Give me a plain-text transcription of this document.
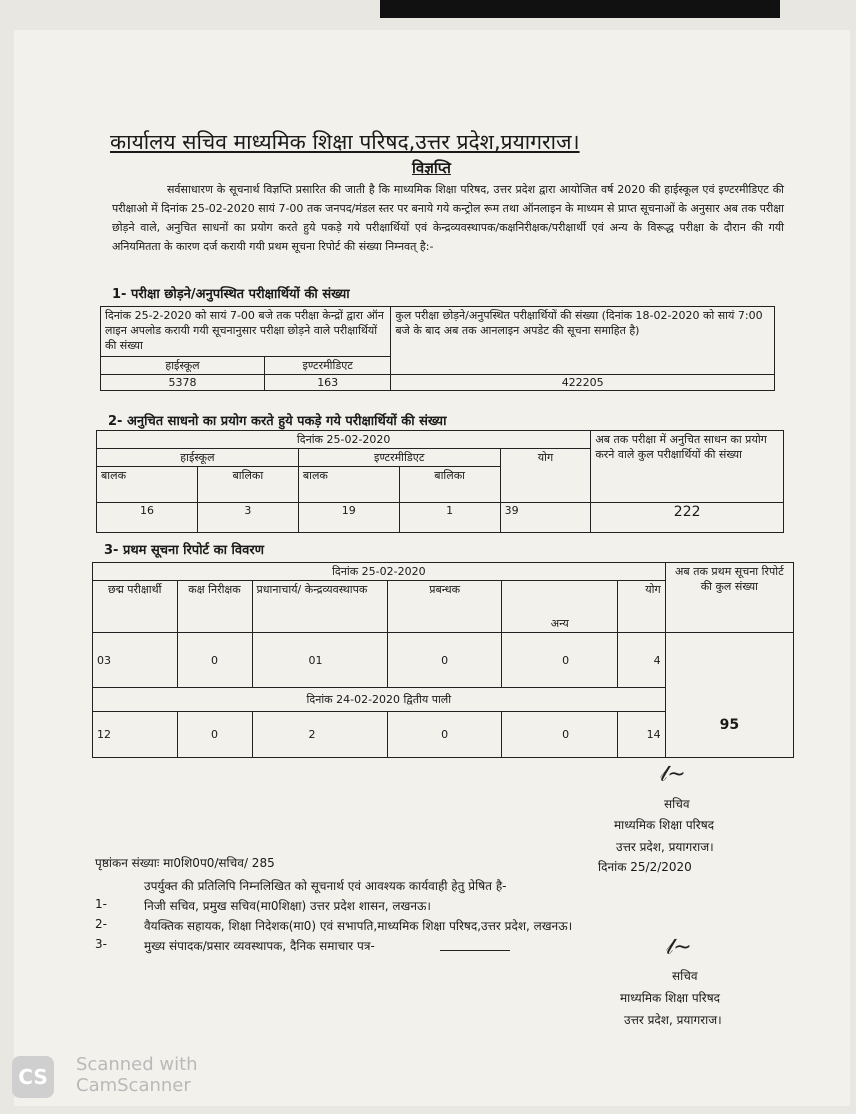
कार्यालय सचिव माध्यमिक शिक्षा परिषद,उत्तर प्रदेश,प्रयागराज।
विज्ञप्ति
सर्वसाधारण के सूचनार्थ विज्ञप्ति प्रसारित की जाती है कि माध्यमिक शिक्षा परिषद, उत्तर प्रदेश द्वारा आयोजित वर्ष 2020 की हाईस्कूल एवं इण्टरमीडिएट की परीक्षाओ में दिनांक 25-02-2020 सायं 7-00 तक जनपद/मंडल स्तर पर बनाये गये कन्ट्रोल रूम तथा ऑनलाइन के माध्यम से प्राप्त सूचनाओं के अनुसार अब तक परीक्षा छोड़ने वाले, अनुचित साधनों का प्रयोग करते हुये पकड़े गये परीक्षार्थियों एवं केन्द्रव्यवस्थापक/कक्षनिरीक्षक/परीक्षार्थी एवं अन्य के विरूद्ध परीक्षा के दौरान की गयी अनियमितता के कारण दर्ज करायी गयी प्रथम सूचना रिपोर्ट की संख्या निम्नवत् है:-
1- परीक्षा छोड़ने/अनुपस्थित परीक्षार्थियों की संख्या
दिनांक 25-2-2020 को सायं 7-00 बजे तक परीक्षा केन्द्रों द्वारा ऑन लाइन अपलोड करायी गयी सूचनानुसार परीक्षा छोड़ने वाले परीक्षार्थियों की संख्या		कुल परीक्षा छोड़ने/अनुपस्थित परीक्षार्थियों की संख्या (दिनांक 18-02-2020 को सायं 7:00 बजे के बाद अब तक आनलाइन अपडेट की सूचना समाहित है)
हाईस्कूल	इण्टरमीडिएट	
5378	163	422205
2- अनुचित साधनो का प्रयोग करते हुये पकड़े गये परीक्षार्थियों की संख्या
दिनांक 25-02-2020					अब तक परीक्षा में अनुचित साधन का प्रयोग करने वाले कुल परीक्षार्थियों की संख्या
हाईस्कूल		इण्टरमीडिएट		योग	
बालक	बालिका	बालक	बालिका		
16	3	19	1	39	222
3- प्रथम सूचना रिपोर्ट का विवरण
दिनांक 25-02-2020						अब तक प्रथम सूचना रिपोर्ट की कुल संख्या
छद्म परीक्षार्थी	कक्ष निरीक्षक	प्रधानाचार्य/ केन्द्रव्यवस्थापक	प्रबन्धक	अन्य	योग	
03	0	01	0	0	4	95
दिनांक 24-02-2020 द्वितीय पाली						
12	0	2	0	0	14	
𝓁~
सचिव
माध्यमिक शिक्षा परिषद
उत्तर प्रदेश, प्रयागराज।
पृष्ठांकन संख्याः मा0शि0प0/सचिव/ 285	दिनांक 25/2/2020
उपर्युक्त की प्रतिलिपि निम्नलिखित को सूचनार्थ एवं आवश्यक कार्यवाही हेतु प्रेषित है-
1-	निजी सचिव, प्रमुख सचिव(मा0शिक्षा) उत्तर प्रदेश शासन, लखनऊ।
2-	वैयक्तिक सहायक, शिक्षा निदेशक(मा0) एवं सभापति,माध्यमिक शिक्षा परिषद,उत्तर प्रदेश, लखनऊ।
3-	मुख्य संपादक/प्रसार व्यवस्थापक, दैनिक समाचार पत्र-	𝓁~
सचिव
माध्यमिक शिक्षा परिषद
उत्तर प्रदेश, प्रयागराज।
CS
Scanned with
CamScanner
